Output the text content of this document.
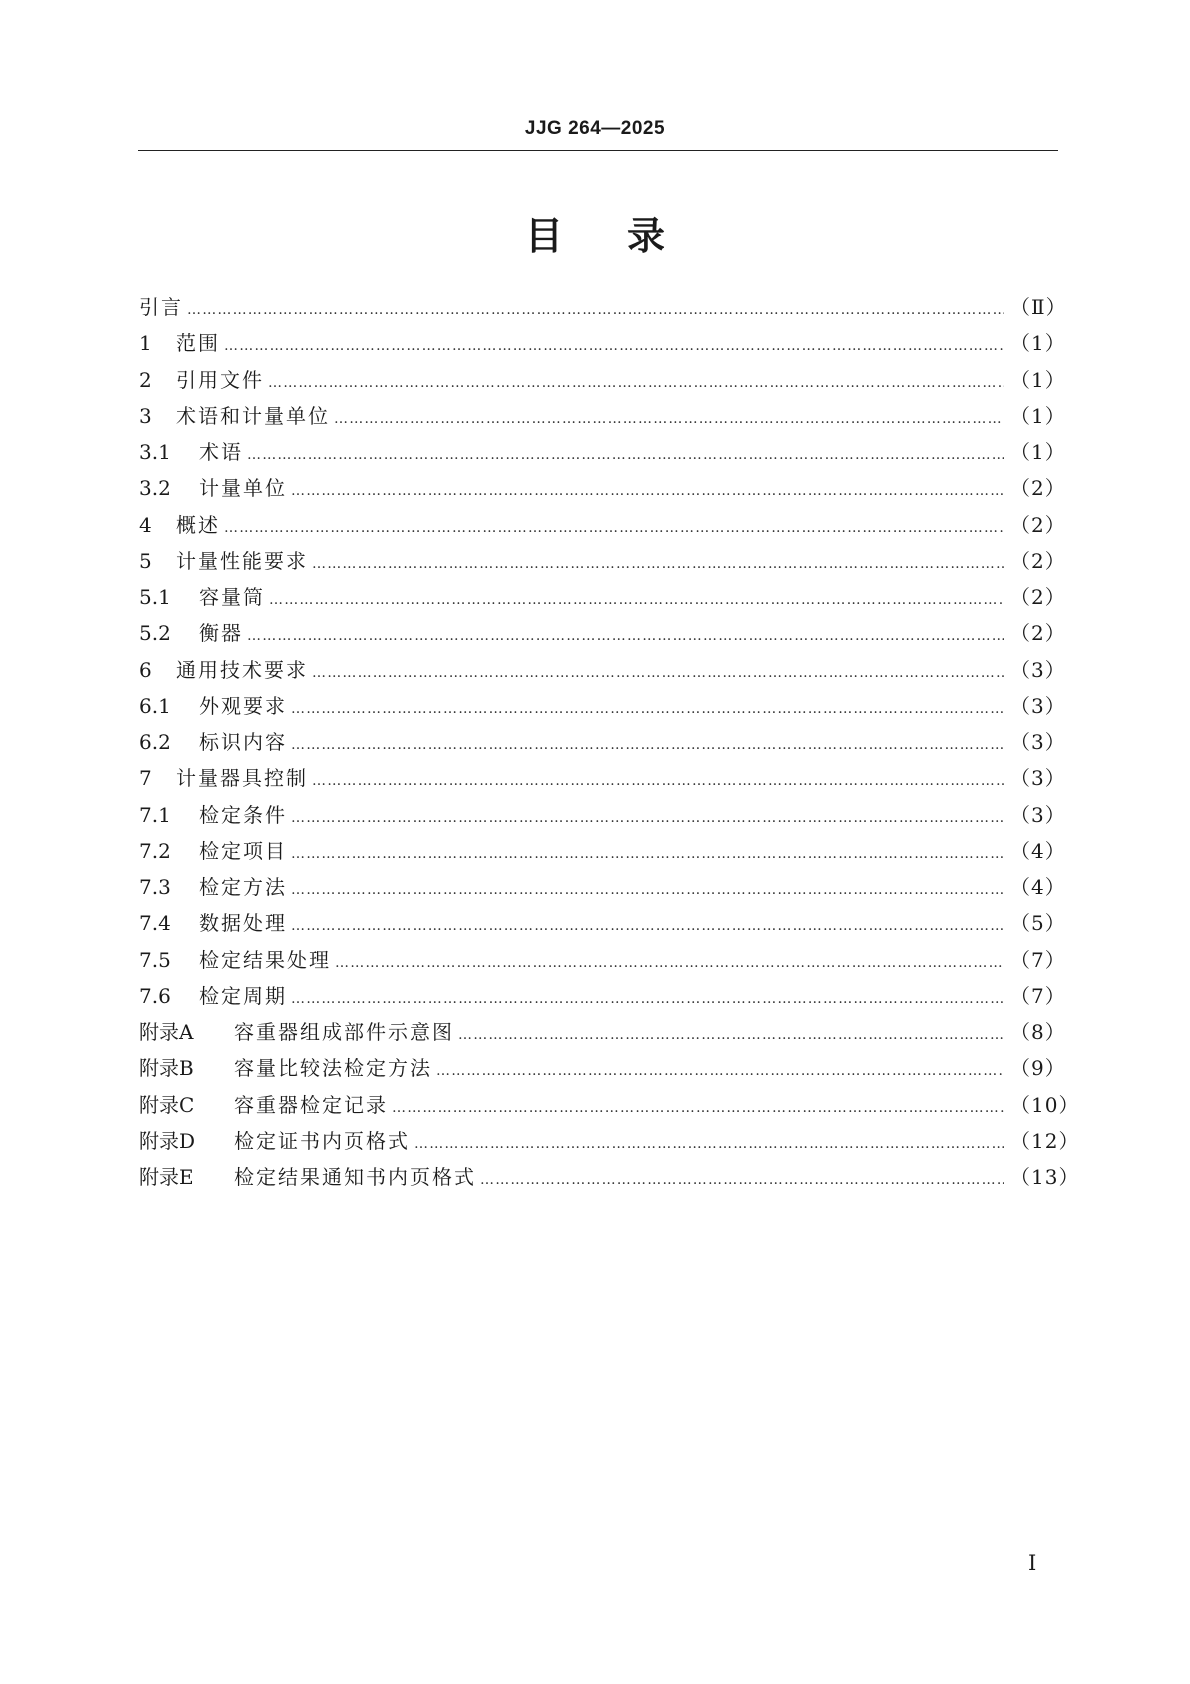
JJG 264—2025
目录
引言 ……………………………………………………………………………………………………………………………………………………………………………………………………………………	（Ⅱ）
1	范围 ……………………………………………………………………………………………………………………………………………………………………………………………………………………	（1）
2	引用文件 ……………………………………………………………………………………………………………………………………………………………………………………………………………………	（1）
3	术语和计量单位 ……………………………………………………………………………………………………………………………………………………………………………………………………………………	（1）
3.1	术语 ……………………………………………………………………………………………………………………………………………………………………………………………………………………	（1）
3.2	计量单位 ……………………………………………………………………………………………………………………………………………………………………………………………………………………	（2）
4	概述 ……………………………………………………………………………………………………………………………………………………………………………………………………………………	（2）
5	计量性能要求 ……………………………………………………………………………………………………………………………………………………………………………………………………………………	（2）
5.1	容量筒 ……………………………………………………………………………………………………………………………………………………………………………………………………………………	（2）
5.2	衡器 ……………………………………………………………………………………………………………………………………………………………………………………………………………………	（2）
6	通用技术要求 ……………………………………………………………………………………………………………………………………………………………………………………………………………………	（3）
6.1	外观要求 ……………………………………………………………………………………………………………………………………………………………………………………………………………………	（3）
6.2	标识内容 ……………………………………………………………………………………………………………………………………………………………………………………………………………………	（3）
7	计量器具控制 ……………………………………………………………………………………………………………………………………………………………………………………………………………………	（3）
7.1	检定条件 ……………………………………………………………………………………………………………………………………………………………………………………………………………………	（3）
7.2	检定项目 ……………………………………………………………………………………………………………………………………………………………………………………………………………………	（4）
7.3	检定方法 ……………………………………………………………………………………………………………………………………………………………………………………………………………………	（4）
7.4	数据处理 ……………………………………………………………………………………………………………………………………………………………………………………………………………………	（5）
7.5	检定结果处理 ……………………………………………………………………………………………………………………………………………………………………………………………………………………	（7）
7.6	检定周期 ……………………………………………………………………………………………………………………………………………………………………………………………………………………	（7）
附录A	容重器组成部件示意图 ……………………………………………………………………………………………………………………………………………………………………………………………………………………	（8）
附录B	容量比较法检定方法 ……………………………………………………………………………………………………………………………………………………………………………………………………………………	（9）
附录C	容重器检定记录 ……………………………………………………………………………………………………………………………………………………………………………………………………………………	（10）
附录D	检定证书内页格式 ……………………………………………………………………………………………………………………………………………………………………………………………………………………	（12）
附录E	检定结果通知书内页格式 ……………………………………………………………………………………………………………………………………………………………………………………………………………………	（13）
Ⅰ
